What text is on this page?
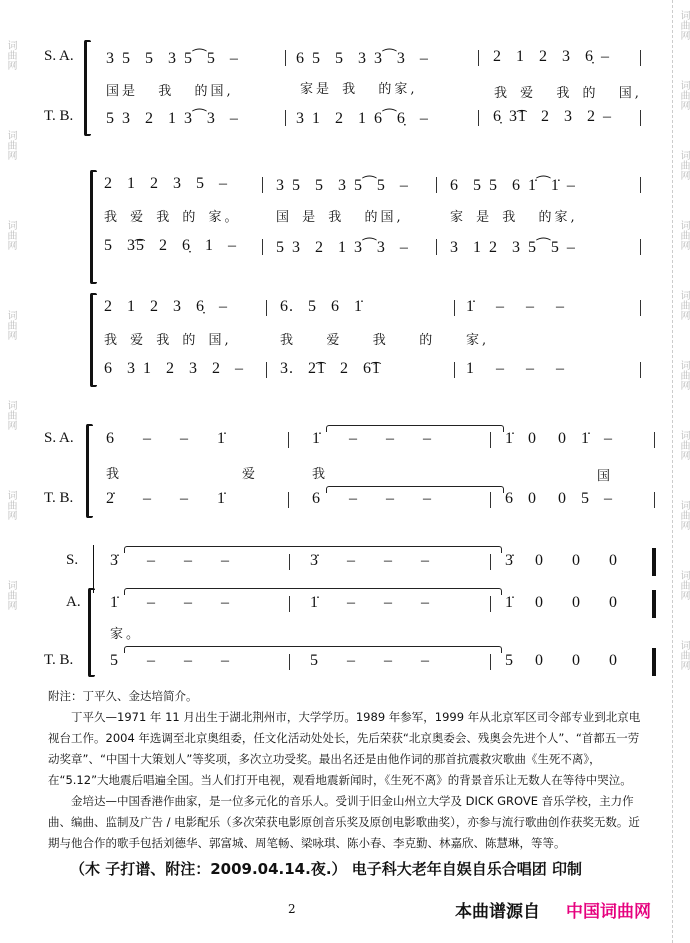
词曲网
词曲网
词曲网
词曲网
词曲网
词曲网
词曲网
词曲网
词曲网
词曲网
词曲网
词曲网
词曲网
词曲网
词曲网
词曲网
词曲网
S. A.
T. B.
3 5  5  3 5⁀5  –	6 5  5  3 3⁀3  –	2  1  2  3  6̣ –
国是  我  的国,	家是 我  的家,	我 爱  我 的  国,
5 3  2  1 3⁀3  –	3 1  2  1 6⁀6̣  –	6̣ 3͡1  2  3  2 –
2  1  2  3  5  –	3 5  5  3 5⁀5  –	6  5 5  6 1̇⁀1̇ –
我 爱 我 的 家。	国 是 我  的国,	家 是 我  的家,
5  3͡5  2  6̣  1  – 5 3  2  1 3⁀3  –	3  1 2  3 5⁀5 –
2  1  2  3  6̣  –	6.  5  6  1̇	1̇   –   –   –
我 爱 我 的 国,	我   爱   我   的 家,
6  3 1  2  3  2  – 3.  2͡1  2  6͡1	1   –   –   –
S. A.
T. B.
6    –    –    1̇	1̇    –    –    –	1̇  0   0  1̇  –
我	爱	我	国
2̇    –    –    1̇	6    –    –    –	6  0   0  5  –
S.
A.
T. B.
3̇    –    –    –	3̇    –    –    –	3̇   0    0    0
1̇    –    –    –	1̇    –    –    –	1̇   0    0    0
家。
5    –    –    –	5    –    –    –	5   0    0    0

附注：丁平久、金达培简介。

丁平久—1971 年 11 月出生于湖北荆州市，大学学历。1989 年参军，1999 年从北京军区司令部专业到北京电视台工作。2004 年选调至北京奥组委，任文化活动处处长，先后荣获“北京奥委会、残奥会先进个人”、“首都五一劳动奖章”、“中国十大策划人”等奖项，多次立功受奖。最出名还是由他作词的那首抗震救灾歌曲《生死不离》，在“5.12”大地震后唱遍全国。当人们打开电视，观看地震新闻时，《生死不离》的背景音乐让无数人在等待中哭泣。

金培达—中国香港作曲家，是一位多元化的音乐人。受训于旧金山州立大学及 DICK GROVE 音乐学校，主力作曲、编曲、监制及广告 / 电影配乐（多次荣获电影原创音乐奖及原创电影歌曲奖），亦参与流行歌曲创作获奖无数。近期与他合作的歌手包括刘德华、郭富城、周笔畅、梁咏琪、陈小春、李克勤、林嘉欣、陈慧琳，等等。

（木 子打谱、附注：2009.04.14.夜.） 电子科大老年自娱自乐合唱团 印制
2	本曲谱源自 中国词曲网
